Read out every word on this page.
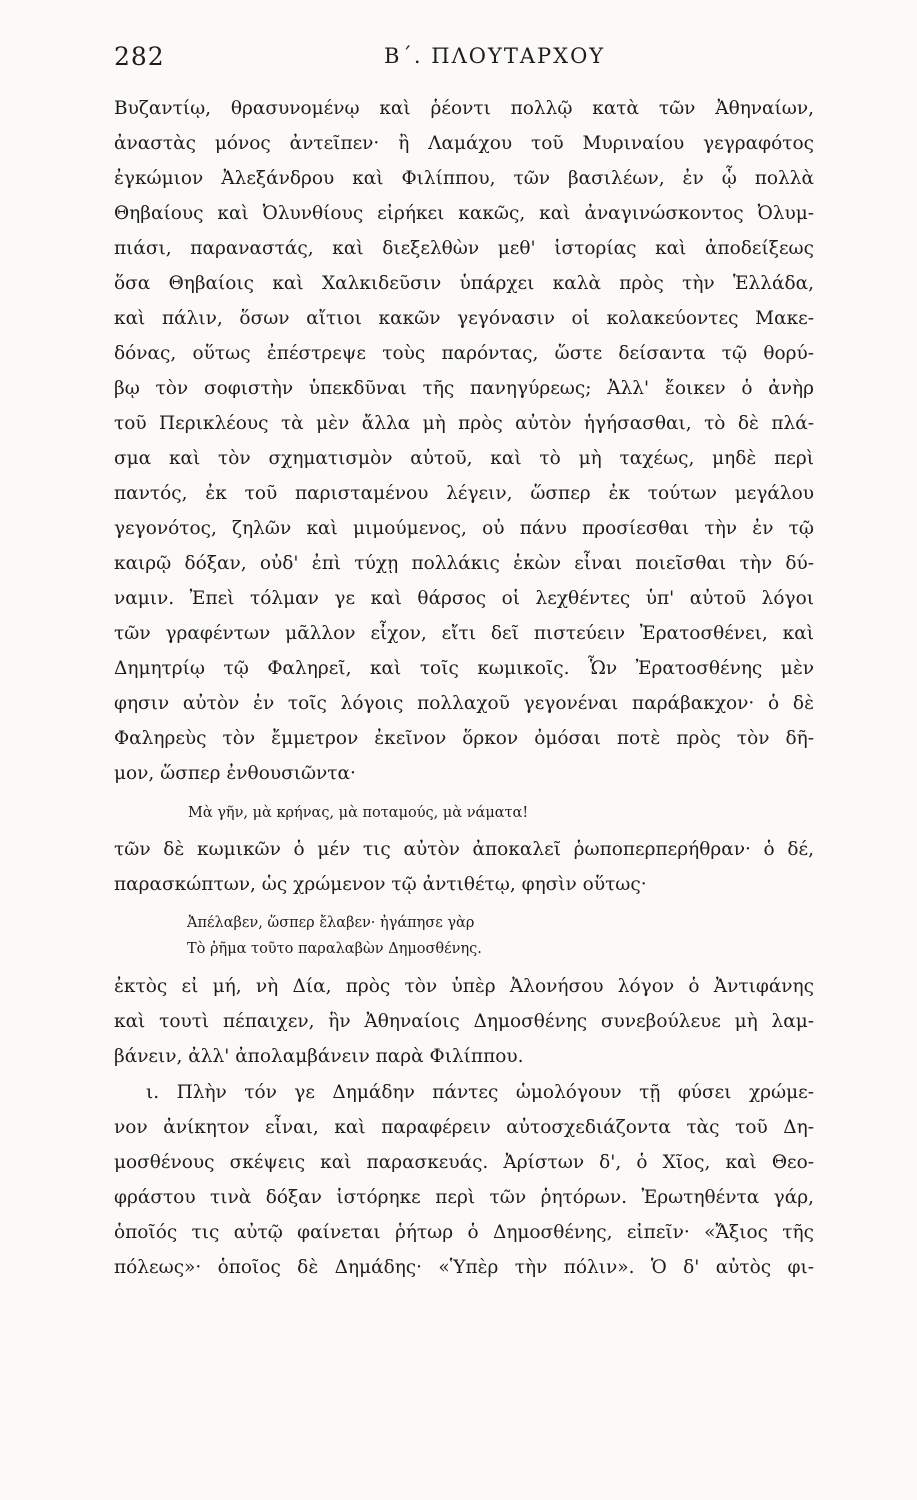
282	Β΄. ΠΛΟΥΤΑΡΧΟΥ
Βυζαντίῳ, θρασυνομένῳ καὶ ῥέοντι πολλῷ κατὰ τῶν Ἀθηναίων,
ἀναστὰς μόνος ἀντεῖπεν· ἢ Λαμάχου τοῦ Μυριναίου γεγραφότος
ἐγκώμιον Ἀλεξάνδρου καὶ Φιλίππου, τῶν βασιλέων, ἐν ᾧ πολλὰ
Θηβαίους καὶ Ὀλυνθίους εἰρήκει κακῶς, καὶ ἀναγινώσκοντος Ὀλυμ-
πιάσι, παραναστάς, καὶ διεξελθὼν μεθ' ἱστορίας καὶ ἀποδείξεως
ὅσα Θηβαίοις καὶ Χαλκιδεῦσιν ὑπάρχει καλὰ πρὸς τὴν Ἑλλάδα,
καὶ πάλιν, ὅσων αἴτιοι κακῶν γεγόνασιν οἱ κολακεύοντες Μακε-
δόνας, οὕτως ἐπέστρεψε τοὺς παρόντας, ὥστε δείσαντα τῷ θορύ-
βῳ τὸν σοφιστὴν ὑπεκδῦναι τῆς πανηγύρεως; Ἀλλ' ἔοικεν ὁ ἀνὴρ
τοῦ Περικλέους τὰ μὲν ἄλλα μὴ πρὸς αὐτὸν ἡγήσασθαι, τὸ δὲ πλά-
σμα καὶ τὸν σχηματισμὸν αὐτοῦ, καὶ τὸ μὴ ταχέως, μηδὲ περὶ
παντός, ἐκ τοῦ παρισταμένου λέγειν, ὥσπερ ἐκ τούτων μεγάλου
γεγονότος, ζηλῶν καὶ μιμούμενος, οὐ πάνυ προσίεσθαι τὴν ἐν τῷ
καιρῷ δόξαν, οὐδ' ἐπὶ τύχῃ πολλάκις ἑκὼν εἶναι ποιεῖσθαι τὴν δύ-
ναμιν. Ἐπεὶ τόλμαν γε καὶ θάρσος οἱ λεχθέντες ὑπ' αὐτοῦ λόγοι
τῶν γραφέντων μᾶλλον εἶχον, εἴτι δεῖ πιστεύειν Ἐρατοσθένει, καὶ
Δημητρίῳ τῷ Φαληρεῖ, καὶ τοῖς κωμικοῖς. Ὧν Ἐρατοσθένης μὲν
φησιν αὐτὸν ἐν τοῖς λόγοις πολλαχοῦ γεγονέναι παράβακχον· ὁ δὲ
Φαληρεὺς τὸν ἔμμετρον ἐκεῖνον ὅρκον ὀμόσαι ποτὲ πρὸς τὸν δῆ-
μον, ὥσπερ ἐνθουσιῶντα·
Μὰ γῆν, μὰ κρήνας, μὰ ποταμούς, μὰ νάματα!
τῶν δὲ κωμικῶν ὁ μέν τις αὐτὸν ἀποκαλεῖ ῥωποπερπερήθραν· ὁ δέ,
παρασκώπτων, ὡς χρώμενον τῷ ἀντιθέτῳ, φησὶν οὕτως·
Ἀπέλαβεν, ὥσπερ ἔλαβεν· ἠγάπησε γὰρ
Τὸ ῥῆμα τοῦτο παραλαβὼν Δημοσθένης.
ἐκτὸς εἰ μή, νὴ Δία, πρὸς τὸν ὑπὲρ Ἀλονήσου λόγον ὁ Ἀντιφάνης
καὶ τουτὶ πέπαιχεν, ἣν Ἀθηναίοις Δημοσθένης συνεβούλευε μὴ λαμ-
βάνειν, ἀλλ' ἀπολαμβάνειν παρὰ Φιλίππου.
ι. Πλὴν τόν γε Δημάδην πάντες ὡμολόγουν τῇ φύσει χρώμε-
νον ἀνίκητον εἶναι, καὶ παραφέρειν αὐτοσχεδιάζοντα τὰς τοῦ Δη-
μοσθένους σκέψεις καὶ παρασκευάς. Ἀρίστων δ', ὁ Χῖος, καὶ Θεο-
φράστου τινὰ δόξαν ἱστόρηκε περὶ τῶν ῥητόρων. Ἐρωτηθέντα γάρ,
ὁποῖός τις αὐτῷ φαίνεται ῥήτωρ ὁ Δημοσθένης, εἰπεῖν· «Ἄξιος τῆς
πόλεως»· ὁποῖος δὲ Δημάδης· «Ὑπὲρ τὴν πόλιν». Ὁ δ' αὐτὸς φι-
